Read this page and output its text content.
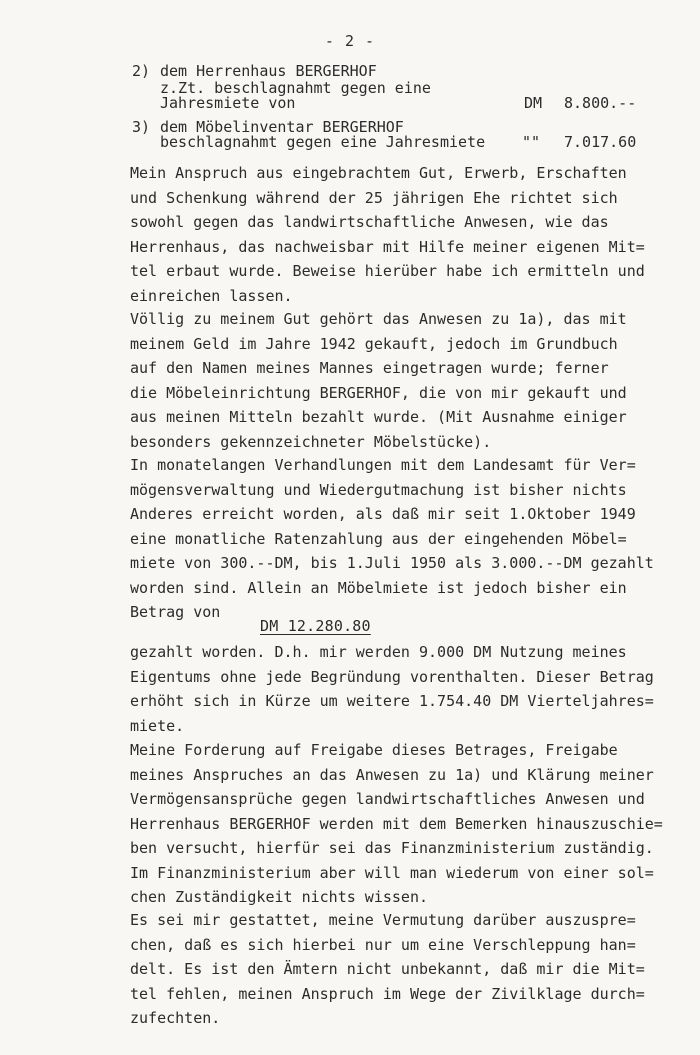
- 2 -
2) dem Herrenhaus BERGERHOF
z.Zt. beschlagnahmt gegen eine
Jahresmiete von	DM 8.800.--
3) dem Möbelinventar BERGERHOF
beschlagnahmt gegen eine Jahresmiete "" 7.017.60
Mein Anspruch aus eingebrachtem Gut, Erwerb, Erschaften
und Schenkung während der 25 jährigen Ehe richtet sich
sowohl gegen das landwirtschaftliche Anwesen, wie das
Herrenhaus, das nachweisbar mit Hilfe meiner eigenen Mit=
tel erbaut wurde. Beweise hierüber habe ich ermitteln und
einreichen lassen.
Völlig zu meinem Gut gehört das Anwesen zu 1a), das mit
meinem Geld im Jahre 1942 gekauft, jedoch im Grundbuch
auf den Namen meines Mannes eingetragen wurde; ferner
die Möbeleinrichtung BERGERHOF, die von mir gekauft und
aus meinen Mitteln bezahlt wurde. (Mit Ausnahme einiger
besonders gekennzeichneter Möbelstücke).
In monatelangen Verhandlungen mit dem Landesamt für Ver=
mögensverwaltung und Wiedergutmachung ist bisher nichts
Anderes erreicht worden, als daß mir seit 1.Oktober 1949
eine monatliche Ratenzahlung aus der eingehenden Möbel=
miete von 300.--DM, bis 1.Juli 1950 als 3.000.--DM gezahlt
worden sind. Allein an Möbelmiete ist jedoch bisher ein
Betrag von
DM 12.280.80
gezahlt worden. D.h. mir werden 9.000 DM Nutzung meines
Eigentums ohne jede Begründung vorenthalten. Dieser Betrag
erhöht sich in Kürze um weitere 1.754.40 DM Vierteljahres=
miete.
Meine Forderung auf Freigabe dieses Betrages, Freigabe
meines Anspruches an das Anwesen zu 1a) und Klärung meiner
Vermögensansprüche gegen landwirtschaftliches Anwesen und
Herrenhaus BERGERHOF werden mit dem Bemerken hinauszuschie=
ben versucht, hierfür sei das Finanzministerium zuständig.
Im Finanzministerium aber will man wiederum von einer sol=
chen Zuständigkeit nichts wissen.
Es sei mir gestattet, meine Vermutung darüber auszuspre=
chen, daß es sich hierbei nur um eine Verschleppung han=
delt. Es ist den Ämtern nicht unbekannt, daß mir die Mit=
tel fehlen, meinen Anspruch im Wege der Zivilklage durch=
zufechten.
